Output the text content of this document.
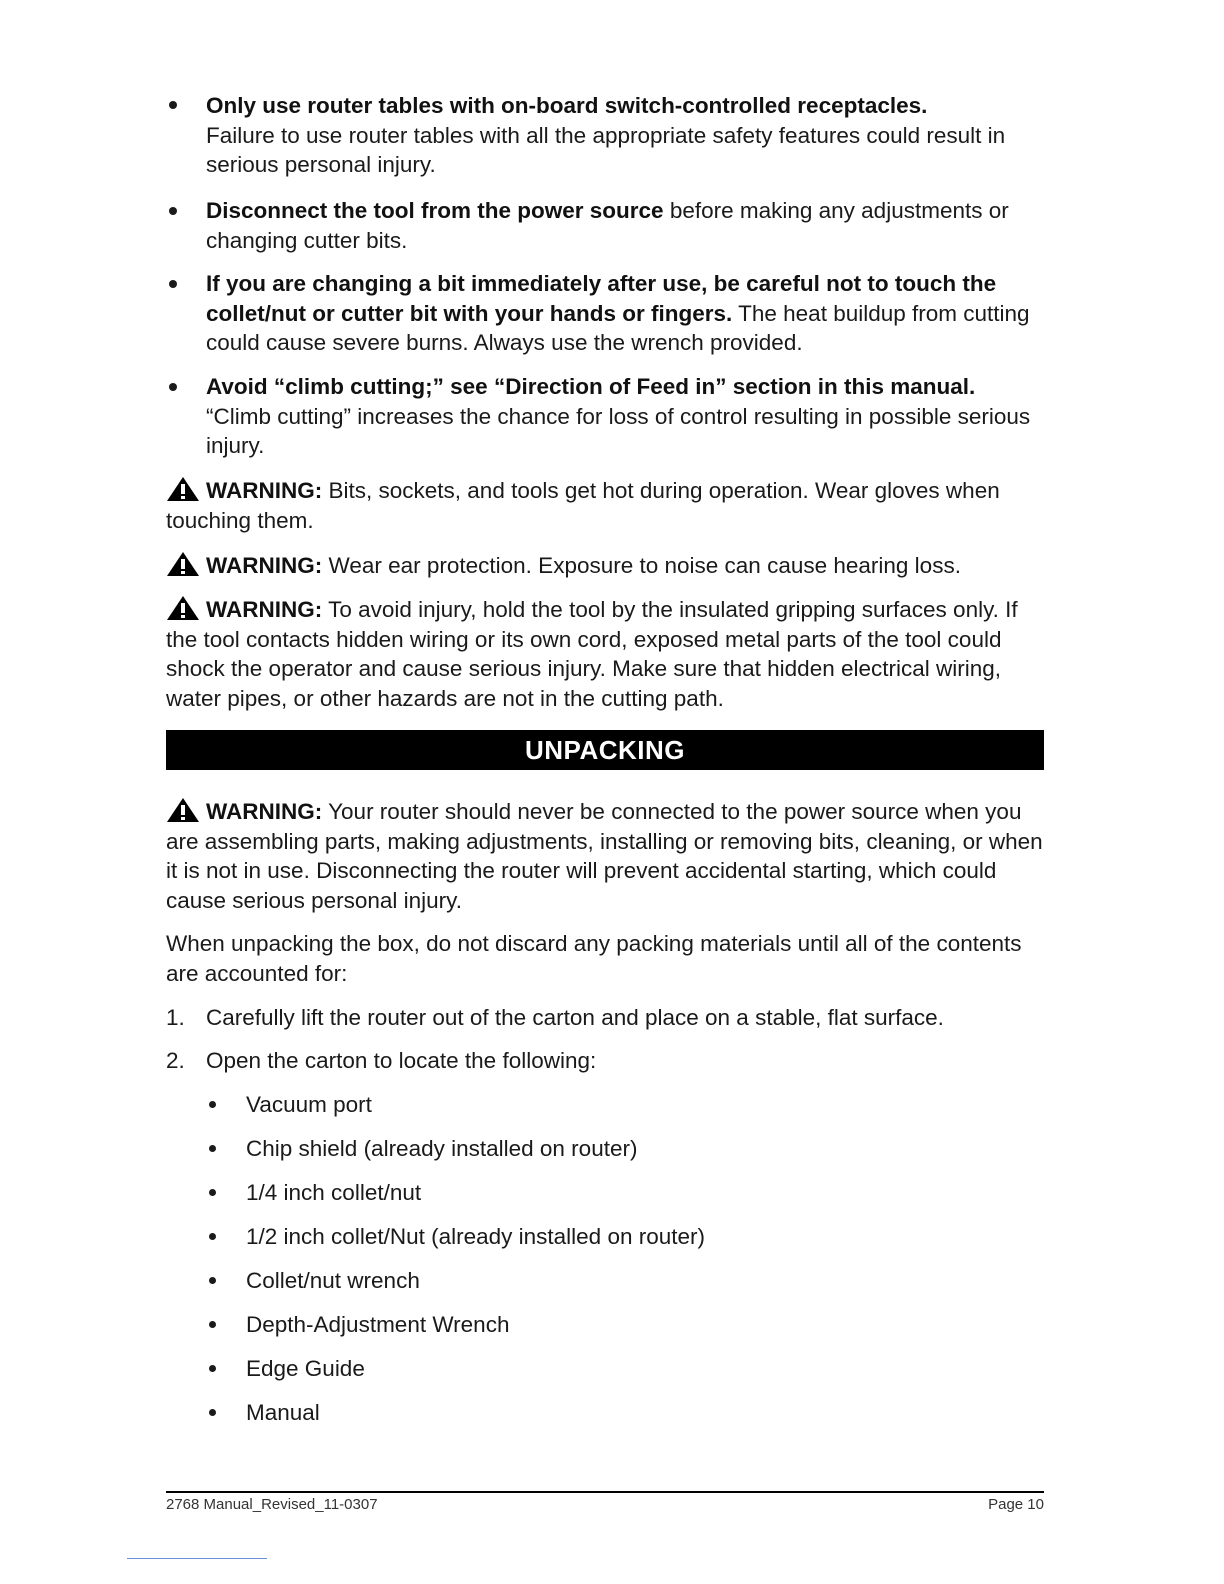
Only use router tables with on-board switch-controlled receptacles.
Failure to use router tables with all the appropriate safety features could result in serious personal injury.
Disconnect the tool from the power source before making any adjustments or changing cutter bits.
If you are changing a bit immediately after use, be careful not to touch the collet/nut or cutter bit with your hands or fingers. The heat buildup from cutting could cause severe burns. Always use the wrench provided.
Avoid “climb cutting;” see “Direction of Feed in” section in this manual.
“Climb cutting” increases the chance for loss of control resulting in possible serious injury.
WARNING: Bits, sockets, and tools get hot during operation. Wear gloves when touching them.
WARNING: Wear ear protection. Exposure to noise can cause hearing loss.
WARNING: To avoid injury, hold the tool by the insulated gripping surfaces only. If the tool contacts hidden wiring or its own cord, exposed metal parts of the tool could shock the operator and cause serious injury. Make sure that hidden electrical wiring, water pipes, or other hazards are not in the cutting path.
UNPACKING
WARNING: Your router should never be connected to the power source when you are assembling parts, making adjustments, installing or removing bits, cleaning, or when it is not in use. Disconnecting the router will prevent accidental starting, which could cause serious personal injury.
When unpacking the box, do not discard any packing materials until all of the contents are accounted for:
1. Carefully lift the router out of the carton and place on a stable, flat surface.
2. Open the carton to locate the following:
Vacuum port
Chip shield (already installed on router)
1/4 inch collet/nut
1/2 inch collet/Nut (already installed on router)
Collet/nut wrench
Depth-Adjustment Wrench
Edge Guide
Manual
2768 Manual_Revised_11-0307	Page 10
